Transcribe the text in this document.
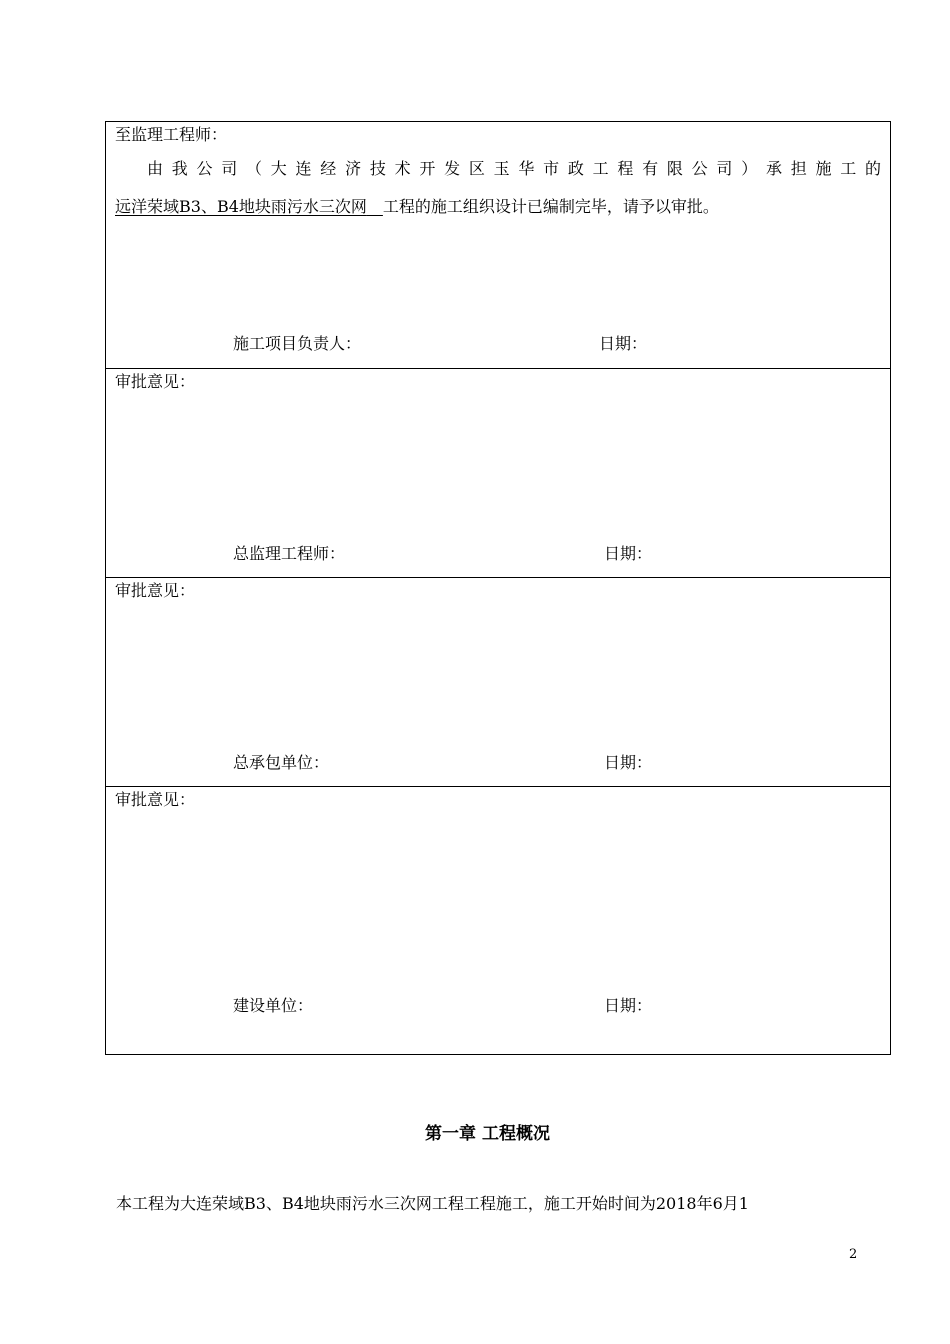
至监理工程师：
由我公司（大连经济技术开发区玉华市政工程有限公司）承担施工的
远洋荣域B3、B4地块雨污水三次网  工程的施工组织设计已编制完毕，请予以审批。
施工项目负责人：	日期：
审批意见：
总监理工程师：	日期：
审批意见：
总承包单位：	日期：
审批意见：
建设单位：	日期：
第一章 工程概况
本工程为大连荣域B3、B4地块雨污水三次网工程工程施工，施工开始时间为2018年6月1
2
